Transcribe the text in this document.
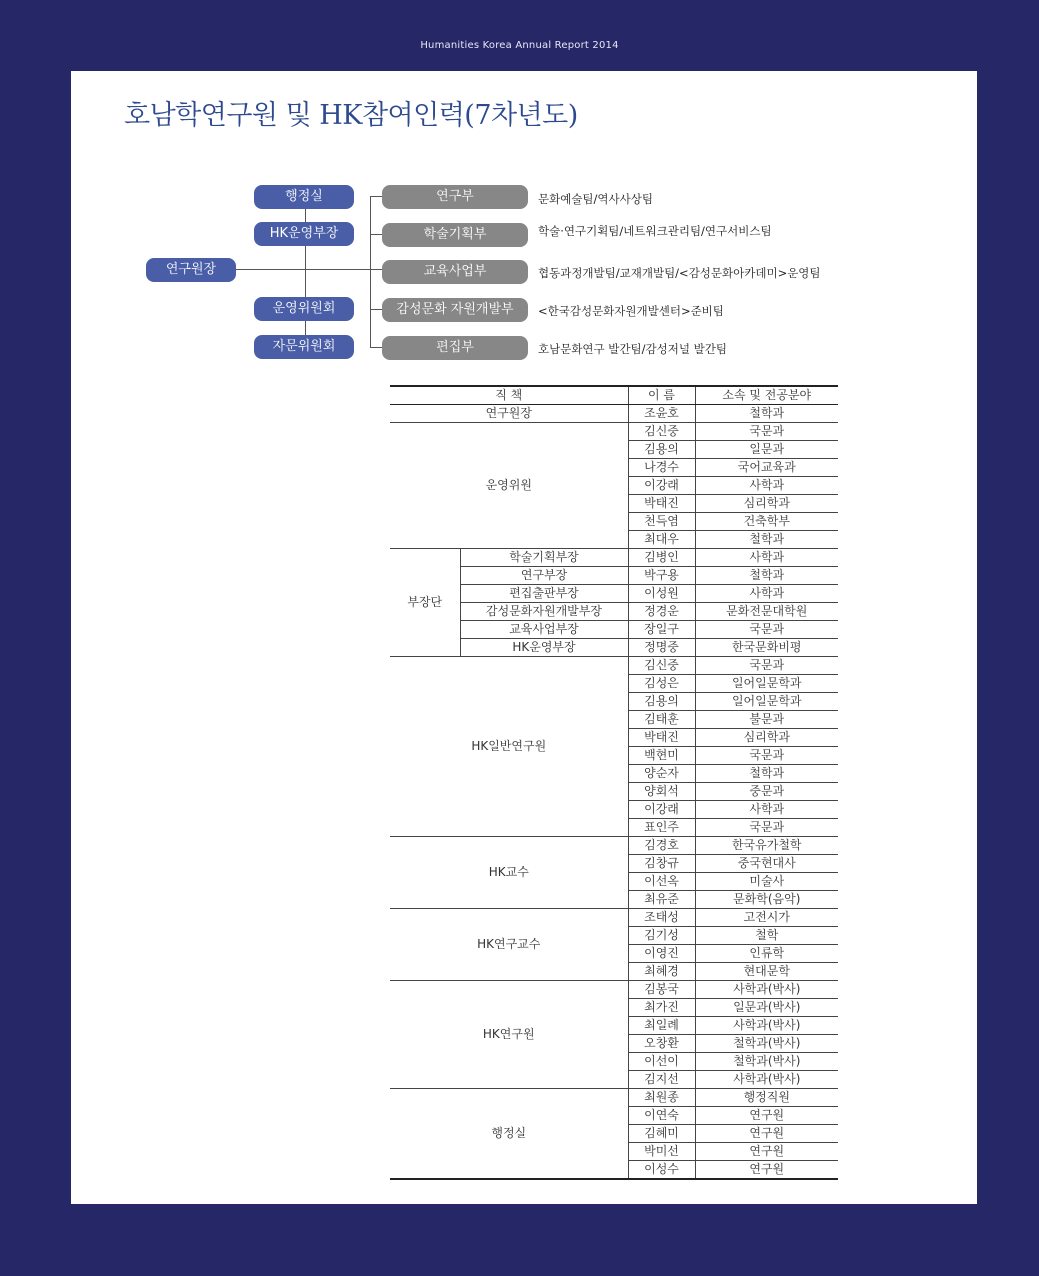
Humanities Korea Annual Report 2014
호남학연구원 및 HK참여인력(7차년도)
연구원장
행정실
HK운영부장
운영위원회
자문위원회
연구부
학술기획부
교육사업부
감성문화 자원개발부
편집부
문화예술팀/역사사상팀
학술·연구기획팀/네트워크관리팀/연구서비스팀
협동과정개발팀/교재개발팀/<감성문화아카데미>운영팀
<한국감성문화자원개발센터>준비팀
호남문화연구 발간팀/감성저널 발간팀
직 책		이 름	소속 및 전공분야
연구원장		조윤호	철학과
운영위원		김신중	국문과
		김용의	일문과
		나경수	국어교육과
		이강래	사학과
		박태진	심리학과
		천득염	건축학부
		최대우	철학과
부장단	학술기획부장	김병인	사학과
	연구부장	박구용	철학과
	편집출판부장	이성원	사학과
	감성문화자원개발부장	정경운	문화전문대학원
	교육사업부장	장일구	국문과
	HK운영부장	정명중	한국문화비평
HK일반연구원		김신중	국문과
		김성은	일어일문학과
		김용의	일어일문학과
		김태훈	불문과
		박태진	심리학과
		백현미	국문과
		양순자	철학과
		양회석	중문과
		이강래	사학과
		표인주	국문과
HK교수		김경호	한국유가철학
		김창규	중국현대사
		이선옥	미술사
		최유준	문화학(음악)
HK연구교수		조태성	고전시가
		김기성	철학
		이영진	인류학
		최혜경	현대문학
HK연구원		김봉국	사학과(박사)
		최가진	일문과(박사)
		최일례	사학과(박사)
		오창환	철학과(박사)
		이선이	철학과(박사)
		김지선	사학과(박사)
행정실		최원종	행정직원
		이연숙	연구원
		김혜미	연구원
		박미선	연구원
		이성수	연구원
